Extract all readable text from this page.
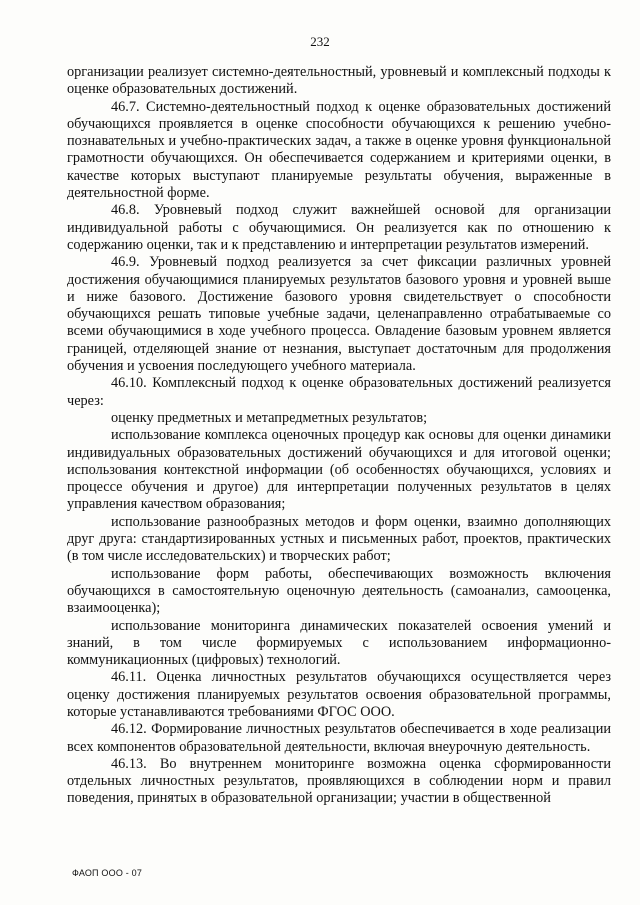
232

организации реализует системно-деятельностный, уровневый и комплексный подходы к оценке образовательных достижений.

46.7. Системно-деятельностный подход к оценке образовательных достижений обучающихся проявляется в оценке способности обучающихся к решению учебно-познавательных и учебно-практических задач, а также в оценке уровня функциональной грамотности обучающихся. Он обеспечивается содержанием и критериями оценки, в качестве которых выступают планируемые результаты обучения, выраженные в деятельностной форме.

46.8. Уровневый подход служит важнейшей основой для организации индивидуальной работы с обучающимися. Он реализуется как по отношению к содержанию оценки, так и к представлению и интерпретации результатов измерений.

46.9. Уровневый подход реализуется за счет фиксации различных уровней достижения обучающимися планируемых результатов базового уровня и уровней выше и ниже базового. Достижение базового уровня свидетельствует о способности обучающихся решать типовые учебные задачи, целенаправленно отрабатываемые со всеми обучающимися в ходе учебного процесса. Овладение базовым уровнем является границей, отделяющей знание от незнания, выступает достаточным для продолжения обучения и усвоения последующего учебного материала.

46.10. Комплексный подход к оценке образовательных достижений реализуется через:

оценку предметных и метапредметных результатов;

использование комплекса оценочных процедур как основы для оценки динамики индивидуальных образовательных достижений обучающихся и для итоговой оценки; использования контекстной информации (об особенностях обучающихся, условиях и процессе обучения и другое) для интерпретации полученных результатов в целях управления качеством образования;

использование разнообразных методов и форм оценки, взаимно дополняющих друг друга: стандартизированных устных и письменных работ, проектов, практических (в том числе исследовательских) и творческих работ;

использование форм работы, обеспечивающих возможность включения обучающихся в самостоятельную оценочную деятельность (самоанализ, самооценка, взаимооценка);

использование мониторинга динамических показателей освоения умений и знаний, в том числе формируемых с использованием информационно-коммуникационных (цифровых) технологий.

46.11. Оценка личностных результатов обучающихся осуществляется через оценку достижения планируемых результатов освоения образовательной программы, которые устанавливаются требованиями ФГОС ООО.

46.12. Формирование личностных результатов обеспечивается в ходе реализации всех компонентов образовательной деятельности, включая внеурочную деятельность.

46.13. Во внутреннем мониторинге возможна оценка сформированности отдельных личностных результатов, проявляющихся в соблюдении норм и правил поведения, принятых в образовательной организации; участии в общественной

ФАОП ООО - 07
